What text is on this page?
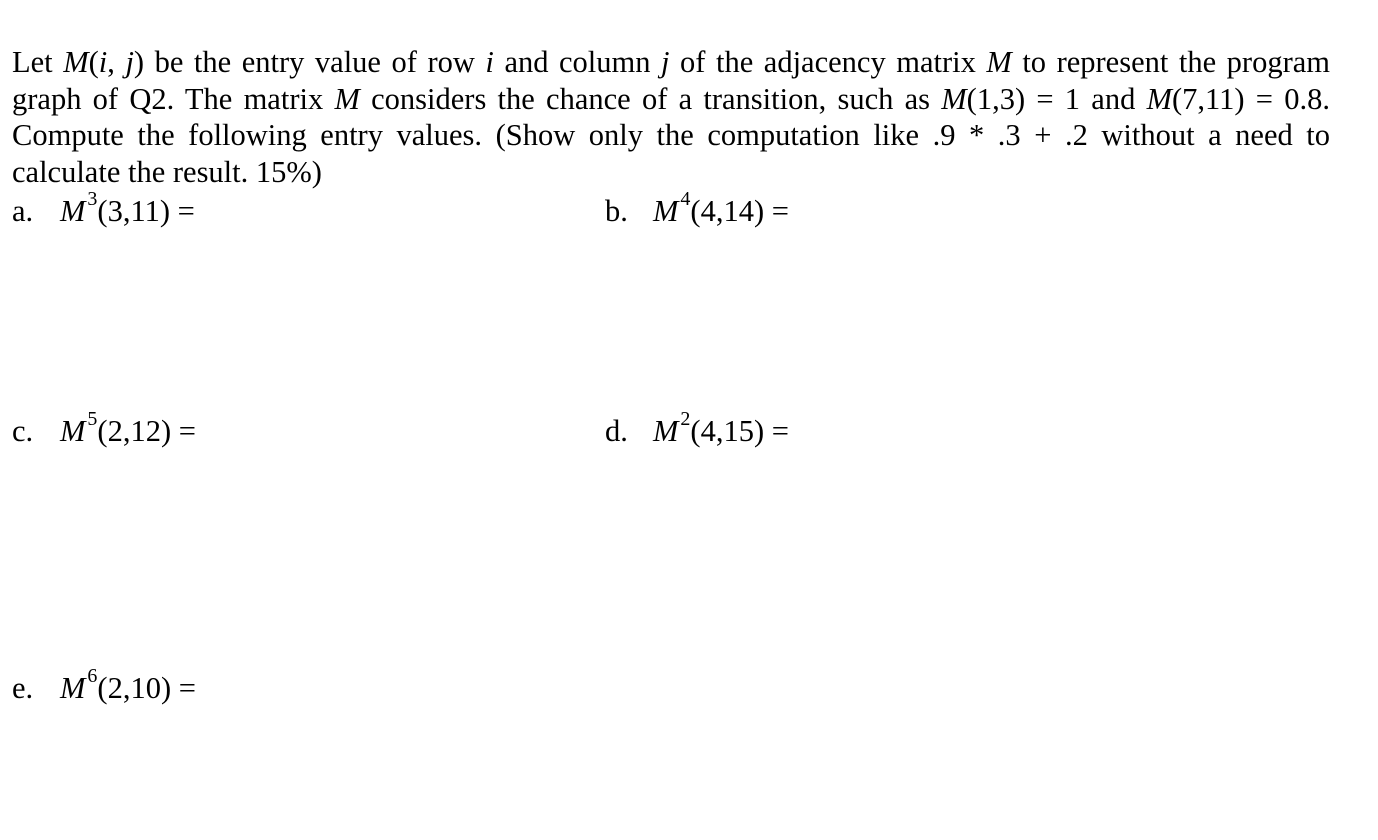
Let M(i, j) be the entry value of row i and column j of the adjacency matrix M to represent the program
graph of Q2. The matrix M considers the chance of a transition, such as M(1,3) = 1 and M(7,11) = 0.8.
Compute the following entry values. (Show only the computation like .9 * .3 + .2 without a need to
calculate the result. 15%)

a. M $^3$(3,11) =	b. M $^4$(4,14) =
c. M $^5$(2,12) =	d. M $^2$(4,15) =
e. M $^6$(2,10) =
